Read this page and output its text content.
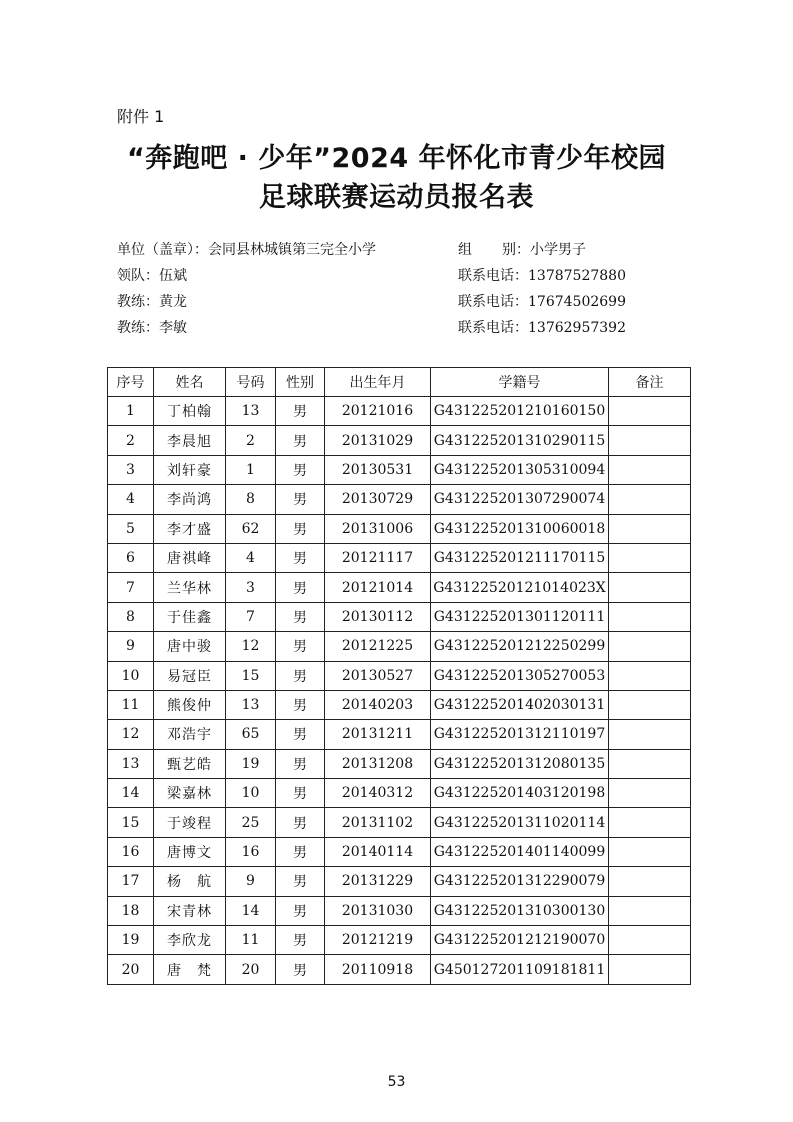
附件 1
“奔跑吧 · 少年”2024 年怀化市青少年校园
足球联赛运动员报名表
单位（盖章）：会同县林城镇第三完全小学	组 别：小学男子
领队：伍斌	联系电话：13787527880
教练：黄龙	联系电话：17674502699
教练：李敏	联系电话：13762957392
序号	姓名	号码	性别	出生年月	学籍号	备注
1	丁柏翰	13	男	20121016	G431225201210160150	
2	李晨旭	2	男	20131029	G431225201310290115	
3	刘轩豪	1	男	20130531	G431225201305310094	
4	李尚鸿	8	男	20130729	G431225201307290074	
5	李才盛	62	男	20131006	G431225201310060018	
6	唐祺峰	4	男	20121117	G431225201211170115	
7	兰华林	3	男	20121014	G43122520121014023X	
8	于佳鑫	7	男	20130112	G431225201301120111	
9	唐中骏	12	男	20121225	G431225201212250299	
10	易冠臣	15	男	20130527	G431225201305270053	
11	熊俊仲	13	男	20140203	G431225201402030131	
12	邓浩宇	65	男	20131211	G431225201312110197	
13	甄艺皓	19	男	20131208	G431225201312080135	
14	梁嘉林	10	男	20140312	G431225201403120198	
15	于竣程	25	男	20131102	G431225201311020114	
16	唐博文	16	男	20140114	G431225201401140099	
17	杨　航	9	男	20131229	G431225201312290079	
18	宋青林	14	男	20131030	G431225201310300130	
19	李欣龙	11	男	20121219	G431225201212190070	
20	唐　梵	20	男	20110918	G450127201109181811	
53
